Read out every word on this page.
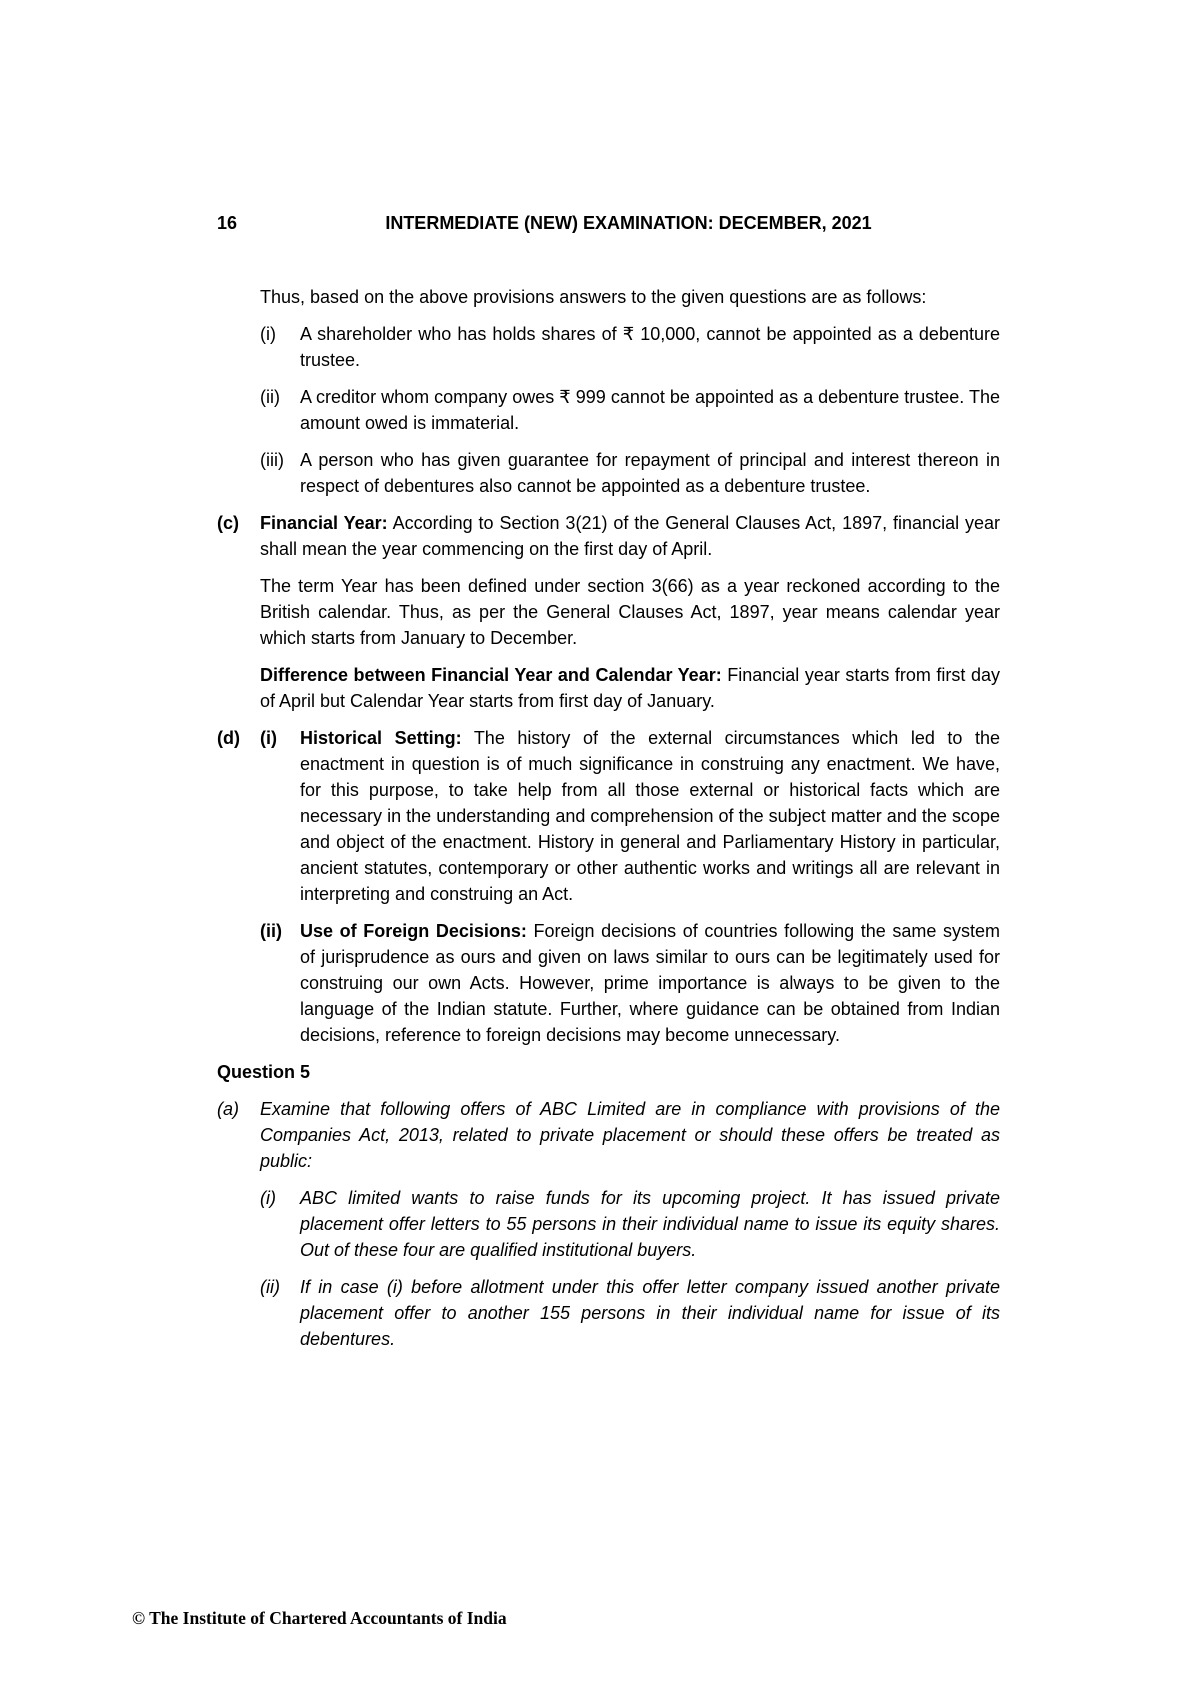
16	INTERMEDIATE (NEW) EXAMINATION: DECEMBER, 2021

Thus, based on the above provisions answers to the given questions are as follows:

(i)	A shareholder who has holds shares of ₹ 10,000, cannot be appointed as a debenture trustee.
(ii)	A creditor whom company owes ₹ 999 cannot be appointed as a debenture trustee. The amount owed is immaterial.
(iii) A person who has given guarantee for repayment of principal and interest thereon in respect of debentures also cannot be appointed as a debenture trustee.
(c)	Financial Year: According to Section 3(21) of the General Clauses Act, 1897, financial year shall mean the year commencing on the first day of April.

The term Year has been defined under section 3(66) as a year reckoned according to the British calendar. Thus, as per the General Clauses Act, 1897, year means calendar year which starts from January to December.

Difference between Financial Year and Calendar Year: Financial year starts from first day of April but Calendar Year starts from first day of January.

(d)	(i)	Historical Setting: The history of the external circumstances which led to the enactment in question is of much significance in construing any enactment. We have, for this purpose, to take help from all those external or historical facts which are necessary in the understanding and comprehension of the subject matter and the scope and object of the enactment. History in general and Parliamentary History in particular, ancient statutes, contemporary or other authentic works and writings all are relevant in interpreting and construing an Act.
(ii)	Use of Foreign Decisions: Foreign decisions of countries following the same system of jurisprudence as ours and given on laws similar to ours can be legitimately used for construing our own Acts. However, prime importance is always to be given to the language of the Indian statute. Further, where guidance can be obtained from Indian decisions, reference to foreign decisions may become unnecessary.
Question 5
(a)	Examine that following offers of ABC Limited are in compliance with provisions of the Companies Act, 2013, related to private placement or should these offers be treated as public:

(i)	ABC limited wants to raise funds for its upcoming project. It has issued private placement offer letters to 55 persons in their individual name to issue its equity shares. Out of these four are qualified institutional buyers.
(ii)	If in case (i) before allotment under this offer letter company issued another private placement offer to another 155 persons in their individual name for issue of its debentures.
© The Institute of Chartered Accountants of India
